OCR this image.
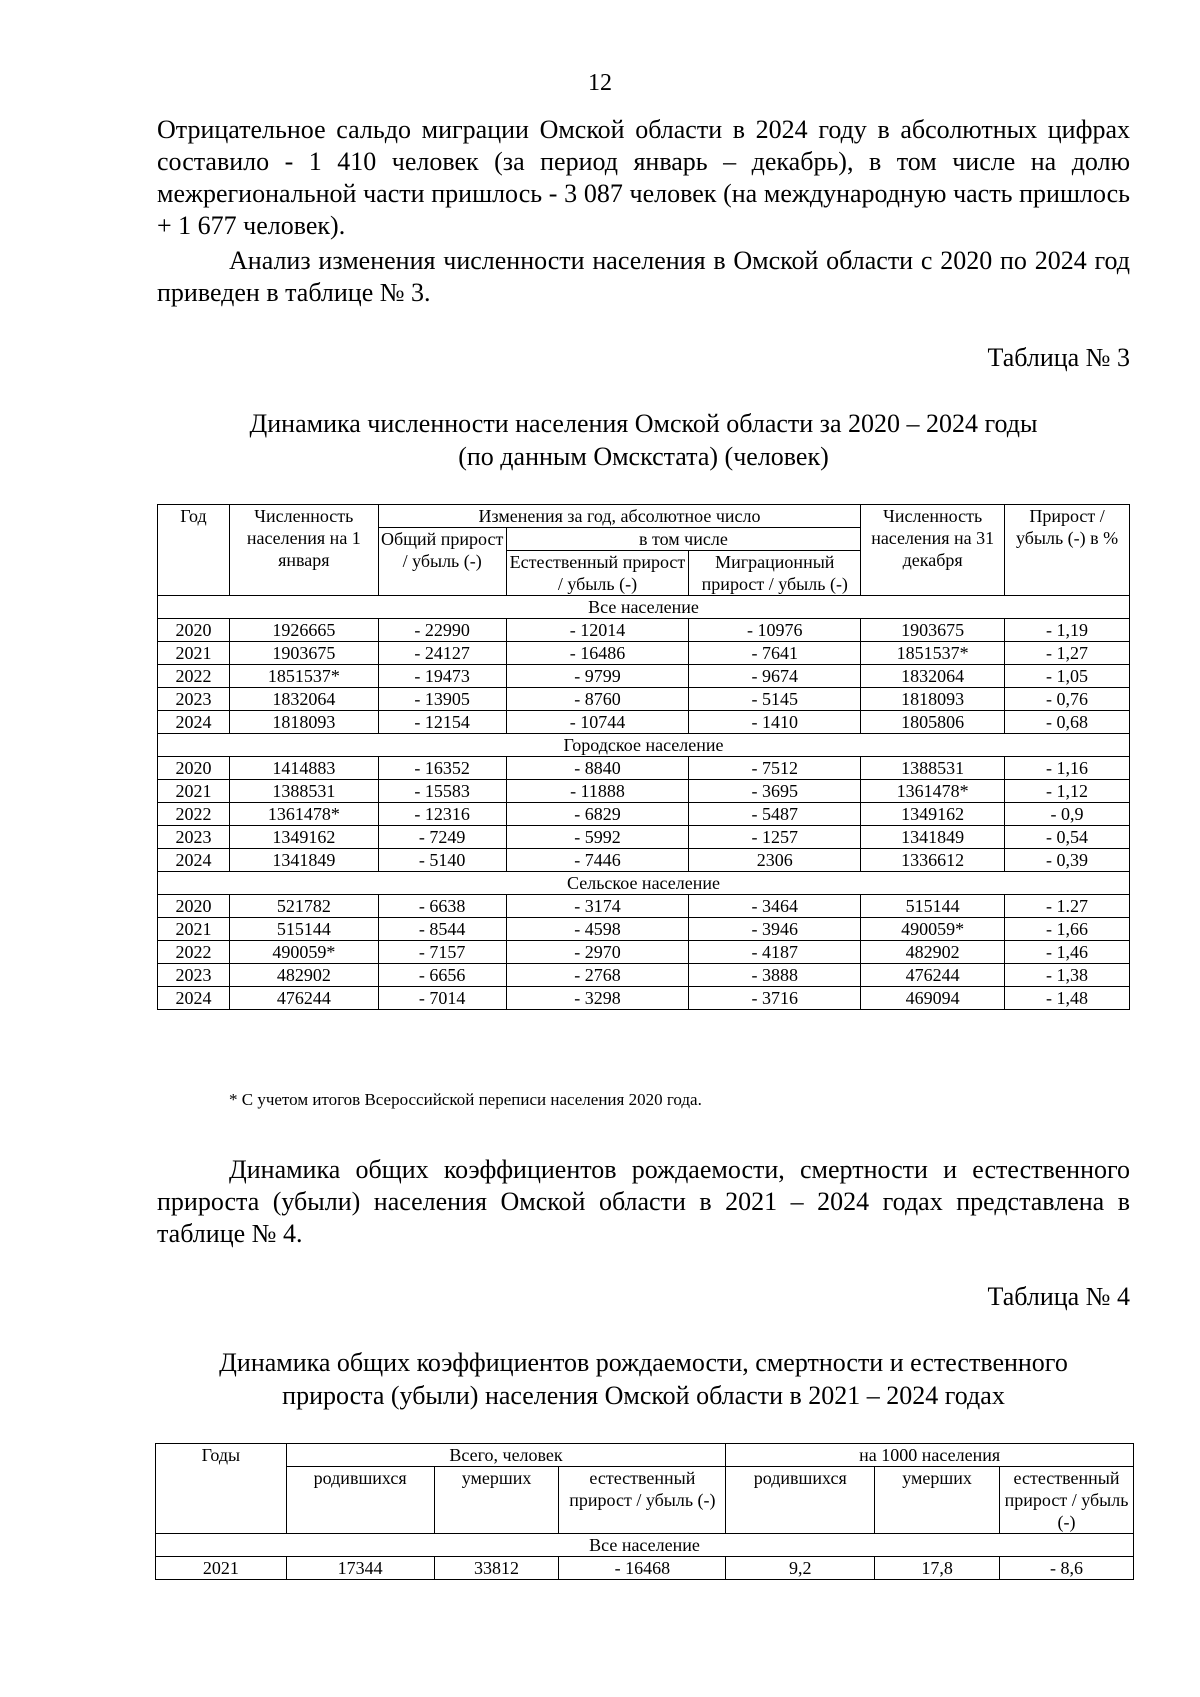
12
Отрицательное сальдо миграции Омской области в 2024 году в абсолютных цифрах составило - 1 410 человек (за период январь – декабрь), в том числе на долю межрегиональной части пришлось - 3 087 человек (на международную часть пришлось + 1 677 человек).
Анализ изменения численности населения в Омской области с 2020 по 2024 год приведен в таблице № 3.
Таблица № 3
Динамика численности населения Омской области за 2020 – 2024 годы
(по данным Омскстата) (человек)
Год	Численность населения на 1 января	Изменения за год, абсолютное число			Численность населения на 31 декабря	Прирост / убыль (-) в %
		Общий прирост / убыль (-)	в том числе			
			Естественный прирост / убыль (-)	Миграционный прирост / убыль (-)		
Все население						
2020	1926665	- 22990	- 12014	- 10976	1903675	- 1,19
2021	1903675	- 24127	- 16486	- 7641	1851537*	- 1,27
2022	1851537*	- 19473	- 9799	- 9674	1832064	- 1,05
2023	1832064	- 13905	- 8760	- 5145	1818093	- 0,76
2024	1818093	- 12154	- 10744	- 1410	1805806	- 0,68
Городское население						
2020	1414883	- 16352	- 8840	- 7512	1388531	- 1,16
2021	1388531	- 15583	- 11888	- 3695	1361478*	- 1,12
2022	1361478*	- 12316	- 6829	- 5487	1349162	- 0,9
2023	1349162	- 7249	- 5992	- 1257	1341849	- 0,54
2024	1341849	- 5140	- 7446	2306	1336612	- 0,39
Сельское население						
2020	521782	- 6638	- 3174	- 3464	515144	- 1.27
2021	515144	- 8544	- 4598	- 3946	490059*	- 1,66
2022	490059*	- 7157	- 2970	- 4187	482902	- 1,46
2023	482902	- 6656	- 2768	- 3888	476244	- 1,38
2024	476244	- 7014	- 3298	- 3716	469094	- 1,48
* С учетом итогов Всероссийской переписи населения 2020 года.
Динамика общих коэффициентов рождаемости, смертности и естественного прироста (убыли) населения Омской области в 2021 – 2024 годах представлена в таблице № 4.
Таблица № 4
Динамика общих коэффициентов рождаемости, смертности и естественного
прироста (убыли) населения Омской области в 2021 – 2024 годах
Годы	Всего, человек			на 1000 населения		
	родившихся	умерших	естественный прирост / убыль (-)	родившихся	умерших	естественный прирост / убыль (-)
Все население						
2021	17344	33812	- 16468	9,2	17,8	- 8,6
